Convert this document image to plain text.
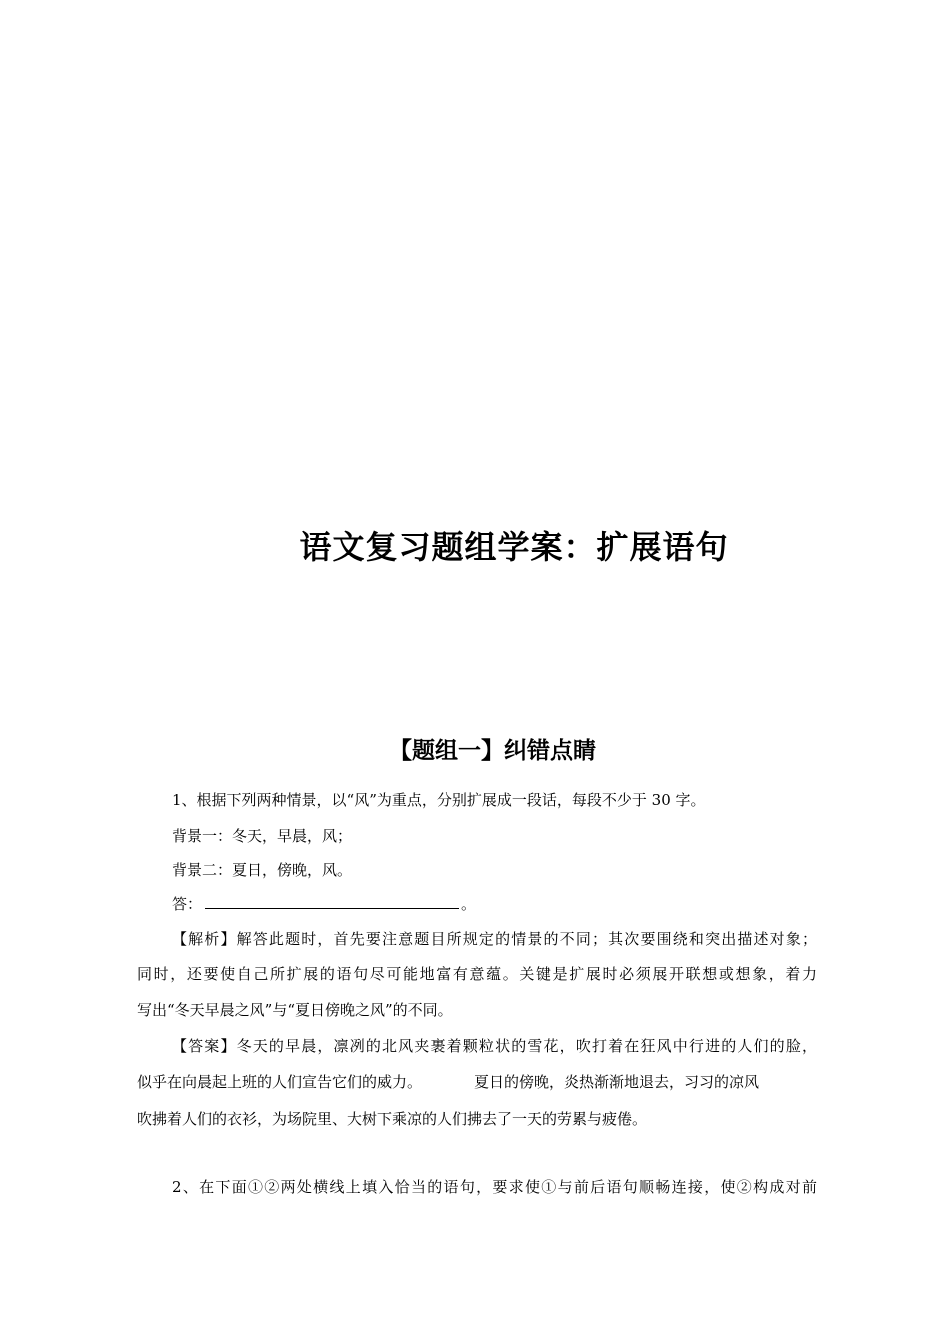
语文复习题组学案：扩展语句
【题组一】纠错点睛

1、根据下列两种情景，以“风”为重点，分别扩展成一段话，每段不少于 30 字。

背景一：冬天，早晨，风；

背景二：夏日，傍晚，风。

答：	。

【解析】解答此题时，首先要注意题目所规定的情景的不同；其次要围绕和突出描述对象；

同时，还要使自己所扩展的语句尽可能地富有意蕴。关键是扩展时必须展开联想或想象，着力

写出“冬天早晨之风”与“夏日傍晚之风”的不同。

【答案】冬天的早晨，凛冽的北风夹裹着颗粒状的雪花，吹打着在狂风中行进的人们的脸，

似乎在向晨起上班的人们宣告它们的威力。	夏日的傍晚，炎热渐渐地退去，习习的凉风

吹拂着人们的衣衫，为场院里、大树下乘凉的人们拂去了一天的劳累与疲倦。

2、在下面①②两处横线上填入恰当的语句，要求使①与前后语句顺畅连接，使②构成对前
